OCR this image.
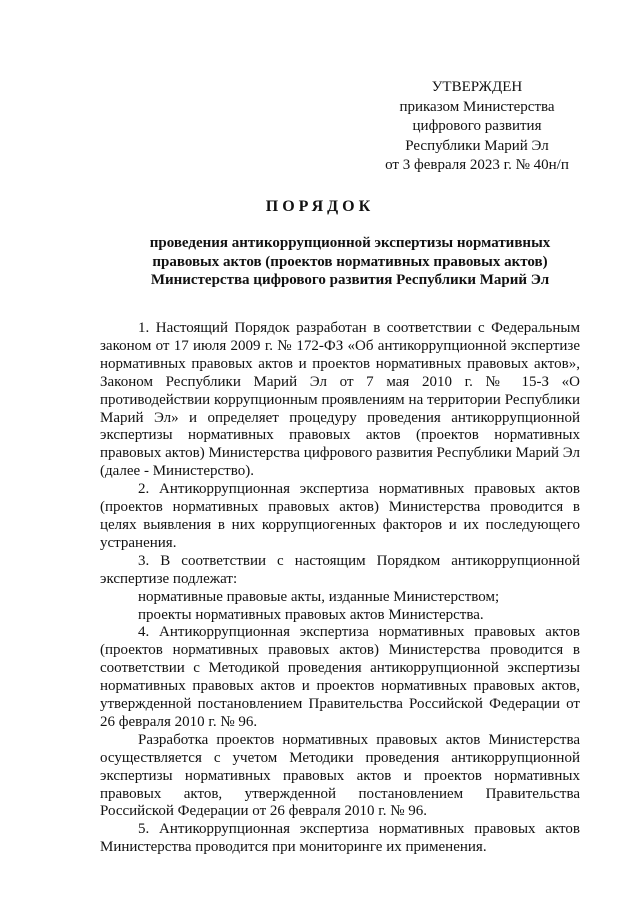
УТВЕРЖДЕН
приказом Министерства
цифрового развития
Республики Марий Эл
от 3 февраля 2023 г. № 40н/п
ПОРЯДОК
проведения антикоррупционной экспертизы нормативных
правовых актов (проектов нормативных правовых актов)
Министерства цифрового развития Республики Марий Эл

1. Настоящий Порядок разработан в соответствии с Федеральным законом от 17 июля 2009 г. № 172-ФЗ «Об антикоррупционной экспертизе нормативных правовых актов и проектов нормативных правовых актов», Законом Республики Марий Эл от 7 мая 2010 г. № 15-З «О противодействии коррупционным проявлениям на территории Республики Марий Эл» и определяет процедуру проведения антикоррупционной экспертизы нормативных правовых актов (проектов нормативных правовых актов) Министерства цифрового развития Республики Марий Эл (далее - Министерство).

2. Антикоррупционная экспертиза нормативных правовых актов (проектов нормативных правовых актов) Министерства проводится в целях выявления в них коррупциогенных факторов и их последующего устранения.

3. В соответствии с настоящим Порядком антикоррупционной экспертизе подлежат:

нормативные правовые акты, изданные Министерством;

проекты нормативных правовых актов Министерства.

4. Антикоррупционная экспертиза нормативных правовых актов (проектов нормативных правовых актов) Министерства проводится в соответствии с Методикой проведения антикоррупционной экспертизы нормативных правовых актов и проектов нормативных правовых актов, утвержденной постановлением Правительства Российской Федерации от 26 февраля 2010 г. № 96.

Разработка проектов нормативных правовых актов Министерства осуществляется с учетом Методики проведения антикоррупционной экспертизы нормативных правовых актов и проектов нормативных правовых актов, утвержденной постановлением Правительства Российской Федерации от 26 февраля 2010 г. № 96.

5. Антикоррупционная экспертиза нормативных правовых актов Министерства проводится при мониторинге их применения.
